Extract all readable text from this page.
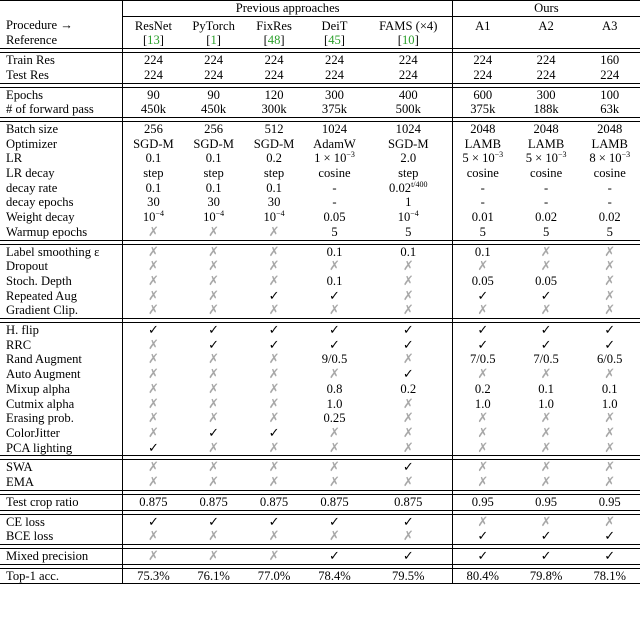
	Previous approaches					Ours		
Procedure →	ResNet	PyTorch	FixRes	DeiT	FAMS (×4)	A1	A2	A3
Reference	[13]	[1]	[48]	[45]	[10]			

Train Res	224	224	224	224	224	224	224	160
Test Res	224	224	224	224	224	224	224	224

Epochs	90	90	120	300	400	600	300	100
# of forward pass	450k	450k	300k	375k	500k	375k	188k	63k

Batch size	256	256	512	1024	1024	2048	2048	2048
Optimizer	SGD-M	SGD-M	SGD-M	AdamW	SGD-M	LAMB	LAMB	LAMB
LR	0.1	0.1	0.2	$1 \times 10^{-3}$	2.0	$5 \times 10^{-3}$	$5 \times 10^{-3}$	$8 \times 10^{-3}$
LR decay	step	step	step	cosine	step	cosine	cosine	cosine
decay rate	0.1	0.1	0.1	-	$0.02^{t/400}$	-	-	-
decay epochs	30	30	30	-	1	-	-	-
Weight decay	$10^{-4}$	$10^{-4}$	$10^{-4}$	0.05	$10^{-4}$	0.01	0.02	0.02
Warmup epochs	✗	✗	✗	5	5	5	5	5

Label smoothing ε	✗	✗	✗	0.1	0.1	0.1	✗	✗
Dropout	✗	✗	✗	✗	✗	✗	✗	✗
Stoch. Depth	✗	✗	✗	0.1	✗	0.05	0.05	✗
Repeated Aug	✗	✗	✓	✓	✗	✓	✓	✗
Gradient Clip.	✗	✗	✗	✗	✗	✗	✗	✗

H. flip	✓	✓	✓	✓	✓	✓	✓	✓
RRC	✗	✓	✓	✓	✓	✓	✓	✓
Rand Augment	✗	✗	✗	9/0.5	✗	7/0.5	7/0.5	6/0.5
Auto Augment	✗	✗	✗	✗	✓	✗	✗	✗
Mixup alpha	✗	✗	✗	0.8	0.2	0.2	0.1	0.1
Cutmix alpha	✗	✗	✗	1.0	✗	1.0	1.0	1.0
Erasing prob.	✗	✗	✗	0.25	✗	✗	✗	✗
ColorJitter	✗	✓	✓	✗	✗	✗	✗	✗
PCA lighting	✓	✗	✗	✗	✗	✗	✗	✗

SWA	✗	✗	✗	✗	✓	✗	✗	✗
EMA	✗	✗	✗	✗	✗	✗	✗	✗

Test crop ratio	0.875	0.875	0.875	0.875	0.875	0.95	0.95	0.95

CE loss	✓	✓	✓	✓	✓	✗	✗	✗
BCE loss	✗	✗	✗	✗	✗	✓	✓	✓

Mixed precision	✗	✗	✗	✓	✓	✓	✓	✓

Top-1 acc.	75.3%	76.1%	77.0%	78.4%	79.5%	80.4%	79.8%	78.1%
